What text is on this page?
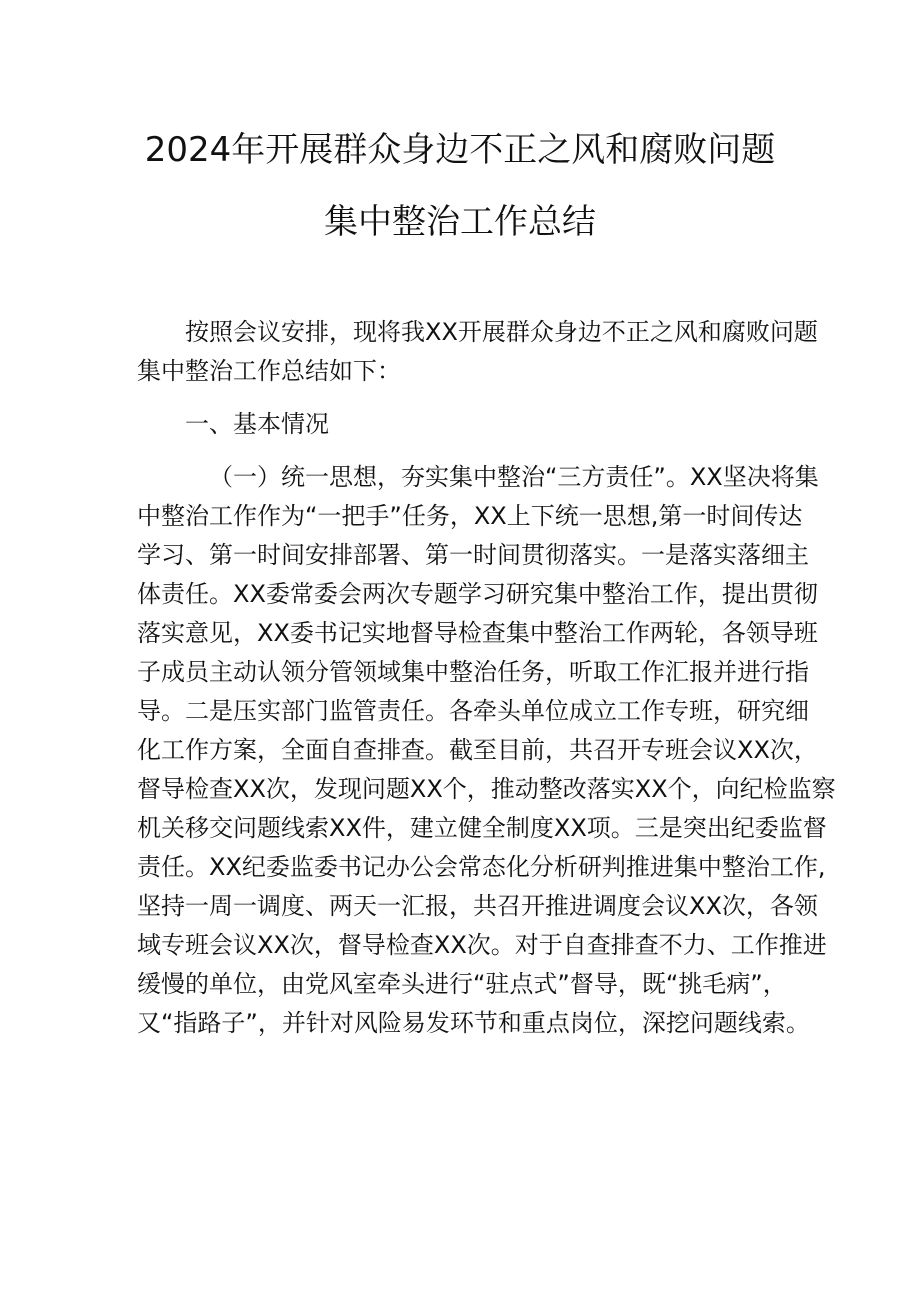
2024年开展群众身边不正之风和腐败问题
集中整治工作总结
按照会议安排，现将我XX开展群众身边不正之风和腐败问题
集中整治工作总结如下：
一、基本情况
（一）统一思想，夯实集中整治“三方责任”。XX坚决将集
中整治工作作为“一把手”任务，XX上下统一思想,第一时间传达
学习、第一时间安排部署、第一时间贯彻落实。一是落实落细主
体责任。XX委常委会两次专题学习研究集中整治工作，提出贯彻
落实意见，XX委书记实地督导检查集中整治工作两轮，各领导班
子成员主动认领分管领域集中整治任务，听取工作汇报并进行指
导。二是压实部门监管责任。各牵头单位成立工作专班，研究细
化工作方案，全面自查排查。截至目前，共召开专班会议XX次，
督导检查XX次，发现问题XX个，推动整改落实XX个，向纪检监察
机关移交问题线索XX件，建立健全制度XX项。三是突出纪委监督
责任。XX纪委监委书记办公会常态化分析研判推进集中整治工作,
坚持一周一调度、两天一汇报，共召开推进调度会议XX次，各领
域专班会议XX次，督导检查XX次。对于自查排查不力、工作推进
缓慢的单位，由党风室牵头进行“驻点式”督导，既“挑毛病”，
又“指路子”，并针对风险易发环节和重点岗位，深挖问题线索。
